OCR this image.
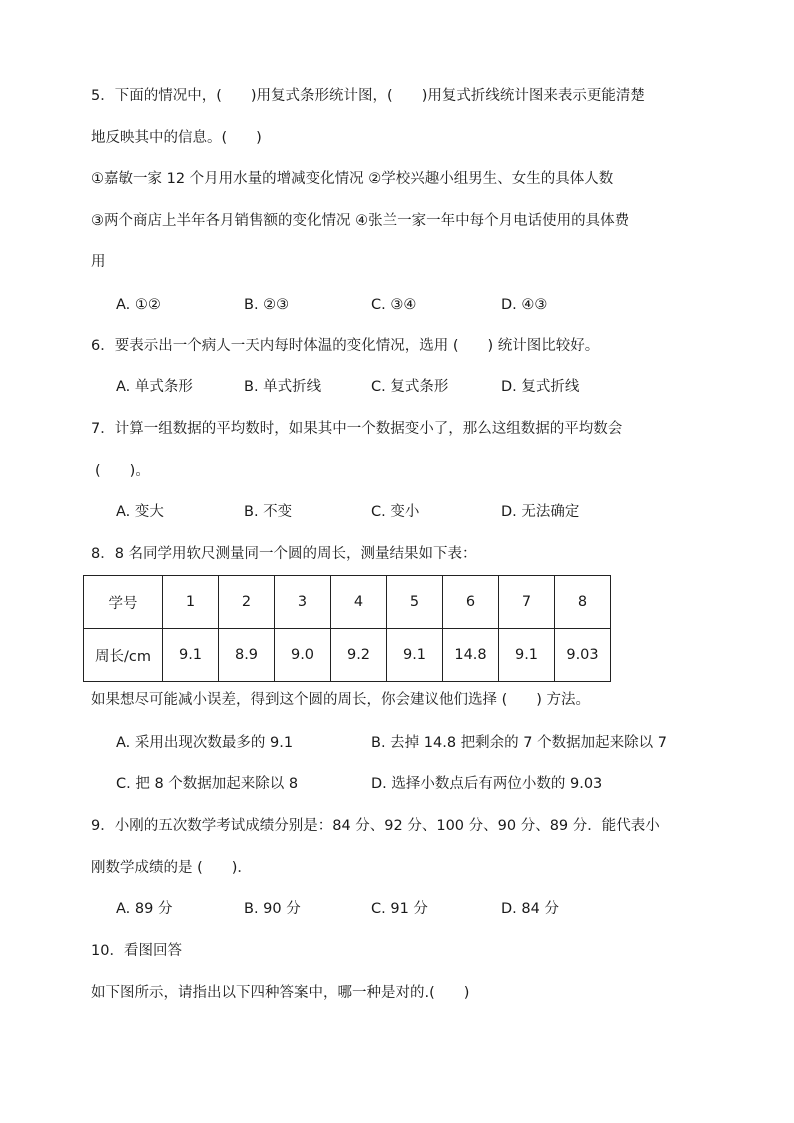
5．下面的情况中，(　　)用复式条形统计图，(　　)用复式折线统计图来表示更能清楚
地反映其中的信息。(　　)
①嘉敏一家 12 个月用水量的增减变化情况 ②学校兴趣小组男生、女生的具体人数
③两个商店上半年各月销售额的变化情况 ④张兰一家一年中每个月电话使用的具体费
用
A. ①②	B. ②③	C. ③④	D. ④③
6．要表示出一个病人一天内每时体温的变化情况，选用 (　　) 统计图比较好。
A. 单式条形	B. 单式折线	C. 复式条形	D. 复式折线
7．计算一组数据的平均数时，如果其中一个数据变小了，那么这组数据的平均数会
(　　)。
A. 变大	B. 不变	C. 变小	D. 无法确定
8．8 名同学用软尺测量同一个圆的周长，测量结果如下表：
学号	1	2	3	4	5	6	7	8
周长/cm	9.1	8.9	9.0	9.2	9.1	14.8	9.1	9.03
如果想尽可能减小误差，得到这个圆的周长，你会建议他们选择 (　　) 方法。
A. 采用出现次数最多的 9.1	B. 去掉 14.8 把剩余的 7 个数据加起来除以 7
C. 把 8 个数据加起来除以 8	D. 选择小数点后有两位小数的 9.03
9．小刚的五次数学考试成绩分别是：84 分、92 分、100 分、90 分、89 分．能代表小
刚数学成绩的是 (　　)．
A. 89 分	B. 90 分	C. 91 分	D. 84 分
10．看图回答
如下图所示，请指出以下四种答案中，哪一种是对的.(　　)
